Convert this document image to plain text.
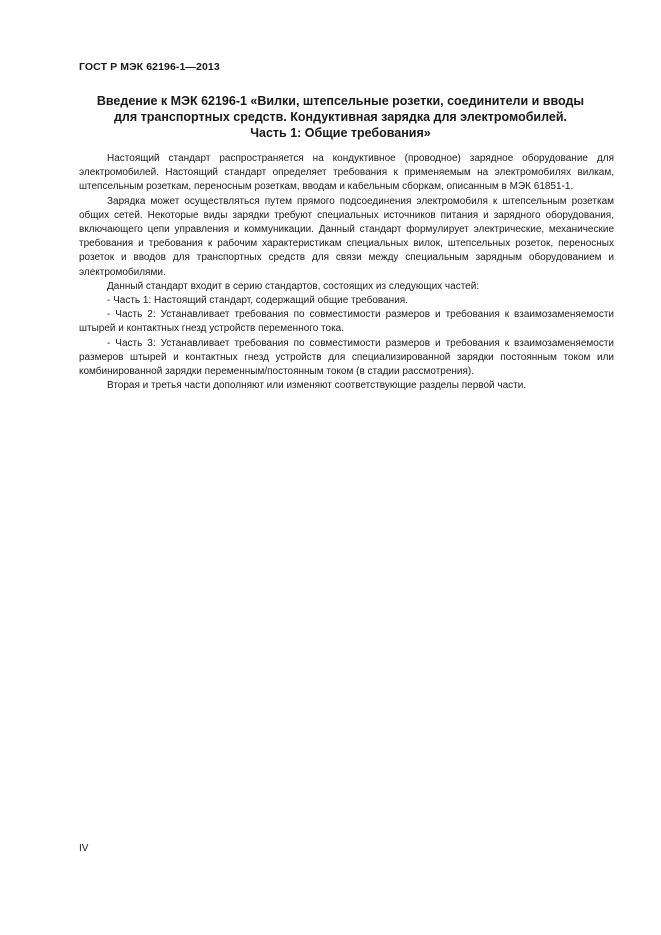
ГОСТ Р МЭК 62196-1—2013
Введение к МЭК 62196-1 «Вилки, штепсельные розетки, соединители и вводы
для транспортных средств. Кондуктивная зарядка для электромобилей.
Часть 1: Общие требования»

Настоящий стандарт распространяется на кондуктивное (проводное) зарядное оборудование для электромобилей. Настоящий стандарт определяет требования к применяемым на электромобилях вилкам, штепсельным розеткам, переносным розеткам, вводам и кабельным сборкам, описанным в МЭК 61851-1.

Зарядка может осуществляться путем прямого подсоединения электромобиля к штепсельным розеткам общих сетей. Некоторые виды зарядки требуют специальных источников питания и зарядного оборудования, включающего цепи управления и коммуникации. Данный стандарт формулирует электрические, механические требования и требования к рабочим характеристикам специальных вилок, штепсельных розеток, переносных розеток и вводов для транспортных средств для связи между специальным зарядным оборудованием и электромобилями.

Данный стандарт входит в серию стандартов, состоящих из следующих частей:

- Часть 1: Настоящий стандарт, содержащий общие требования.

- Часть 2: Устанавливает требования по совместимости размеров и требования к взаимозаменяемости штырей и контактных гнезд устройств переменного тока.

- Часть 3: Устанавливает требования по совместимости размеров и требования к взаимозаменяемости размеров штырей и контактных гнезд устройств для специализированной зарядки постоянным током или комбинированной зарядки переменным/постоянным током (в стадии рассмотрения).

Вторая и третья части дополняют или изменяют соответствующие разделы первой части.

IV
